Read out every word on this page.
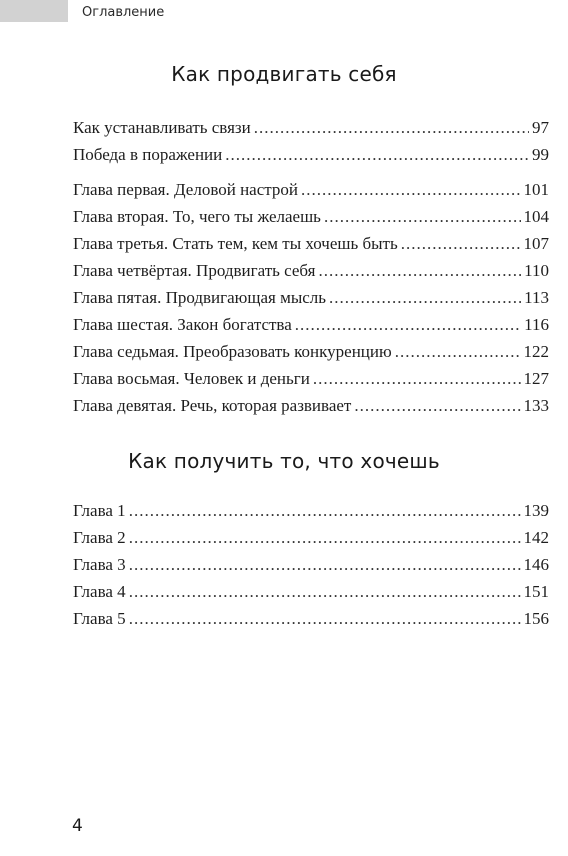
Оглавление
Как продвигать себя
Как устанавливать связи .....	97
Победа в поражении .....	99
Глава первая. Деловой настрой .....	101
Глава вторая. То, чего ты желаешь .....	104
Глава третья. Стать тем, кем ты хочешь быть .....	107
Глава четвёртая. Продвигать себя .....	110
Глава пятая. Продвигающая мысль .....	113
Глава шестая. Закон богатства .....	116
Глава седьмая. Преобразовать конкуренцию .....	122
Глава восьмая. Человек и деньги .....	127
Глава девятая. Речь, которая развивает .....	133
Как получить то, что хочешь
Глава 1 .....	139
Глава 2 .....	142
Глава 3 .....	146
Глава 4 .....	151
Глава 5 .....	156
4
